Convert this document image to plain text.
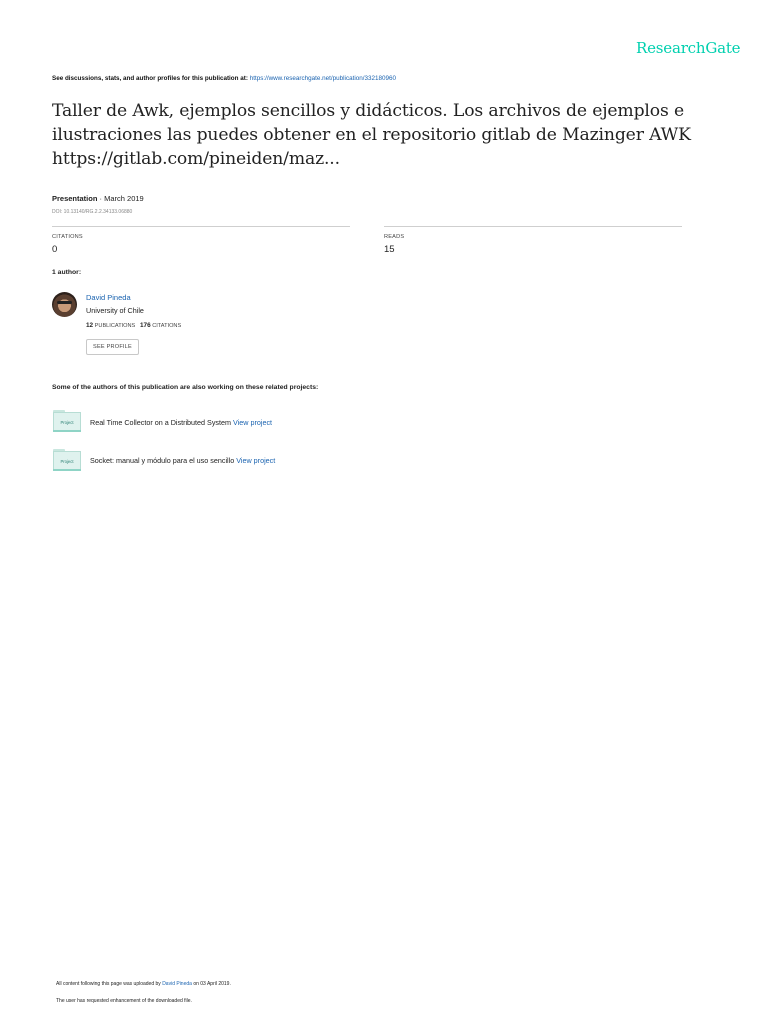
ResearchGate
See discussions, stats, and author profiles for this publication at: https://www.researchgate.net/publication/332180960
Taller de Awk, ejemplos sencillos y didácticos. Los archivos de ejemplos e
ilustraciones las puedes obtener en el repositorio gitlab de Mazinger AWK
https://gitlab.com/pineiden/maz...
Presentation · March 2019
DOI: 10.13140/RG.2.2.34133.06880
CITATIONS
0
READS
15
1 author:
David Pineda
University of Chile
12 PUBLICATIONS 176 CITATIONS
SEE PROFILE
Some of the authors of this publication are also working on these related projects:
Project	Real Time Collector on a Distributed System View project
Project	Socket: manual y módulo para el uso sencillo View project
All content following this page was uploaded by David Pineda on 03 April 2019.
The user has requested enhancement of the downloaded file.
